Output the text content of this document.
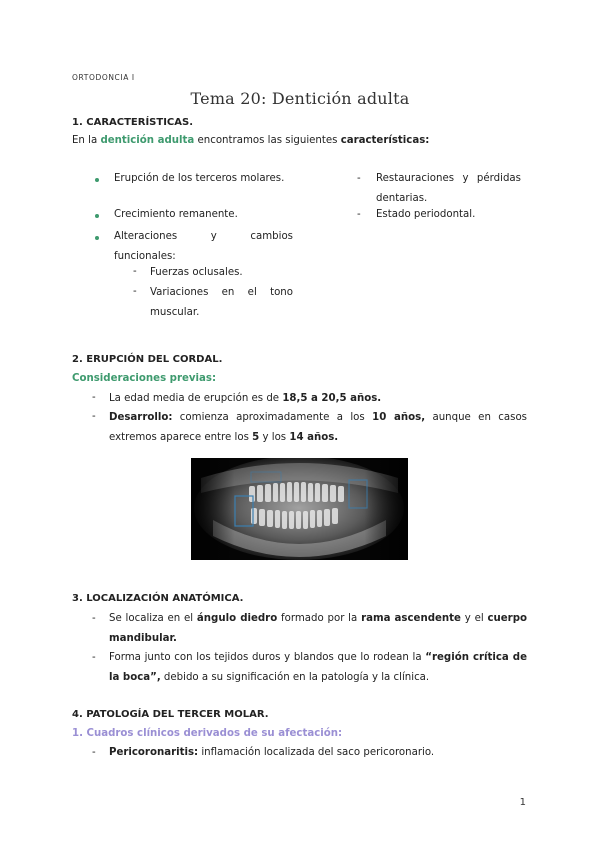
ORTODONCIA I
Tema 20: Dentición adulta
1. CARACTERÍSTICAS.
En la dentición adulta encontramos las siguientes características:
Erupción de los terceros molares.
Crecimiento remanente.
Alteraciones y cambios funcionales:
- Fuerzas oclusales.
- Variaciones en el tono muscular.
- Restauraciones y pérdidas dentarias.
- Estado periodontal.
2. ERUPCIÓN DEL CORDAL.
Consideraciones previas:
- La edad media de erupción es de 18,5 a 20,5 años.
- Desarrollo: comienza aproximadamente a los 10 años, aunque en casos extremos aparece entre los 5 y los 14 años.
3. LOCALIZACIÓN ANATÓMICA.
- Se localiza en el ángulo diedro formado por la rama ascendente y el cuerpo mandibular.
- Forma junto con los tejidos duros y blandos que lo rodean la “región crítica de la boca”, debido a su significación en la patología y la clínica.
4. PATOLOGÍA DEL TERCER MOLAR.
1. Cuadros clínicos derivados de su afectación:
- Pericoronaritis: inflamación localizada del saco pericoronario.
1
